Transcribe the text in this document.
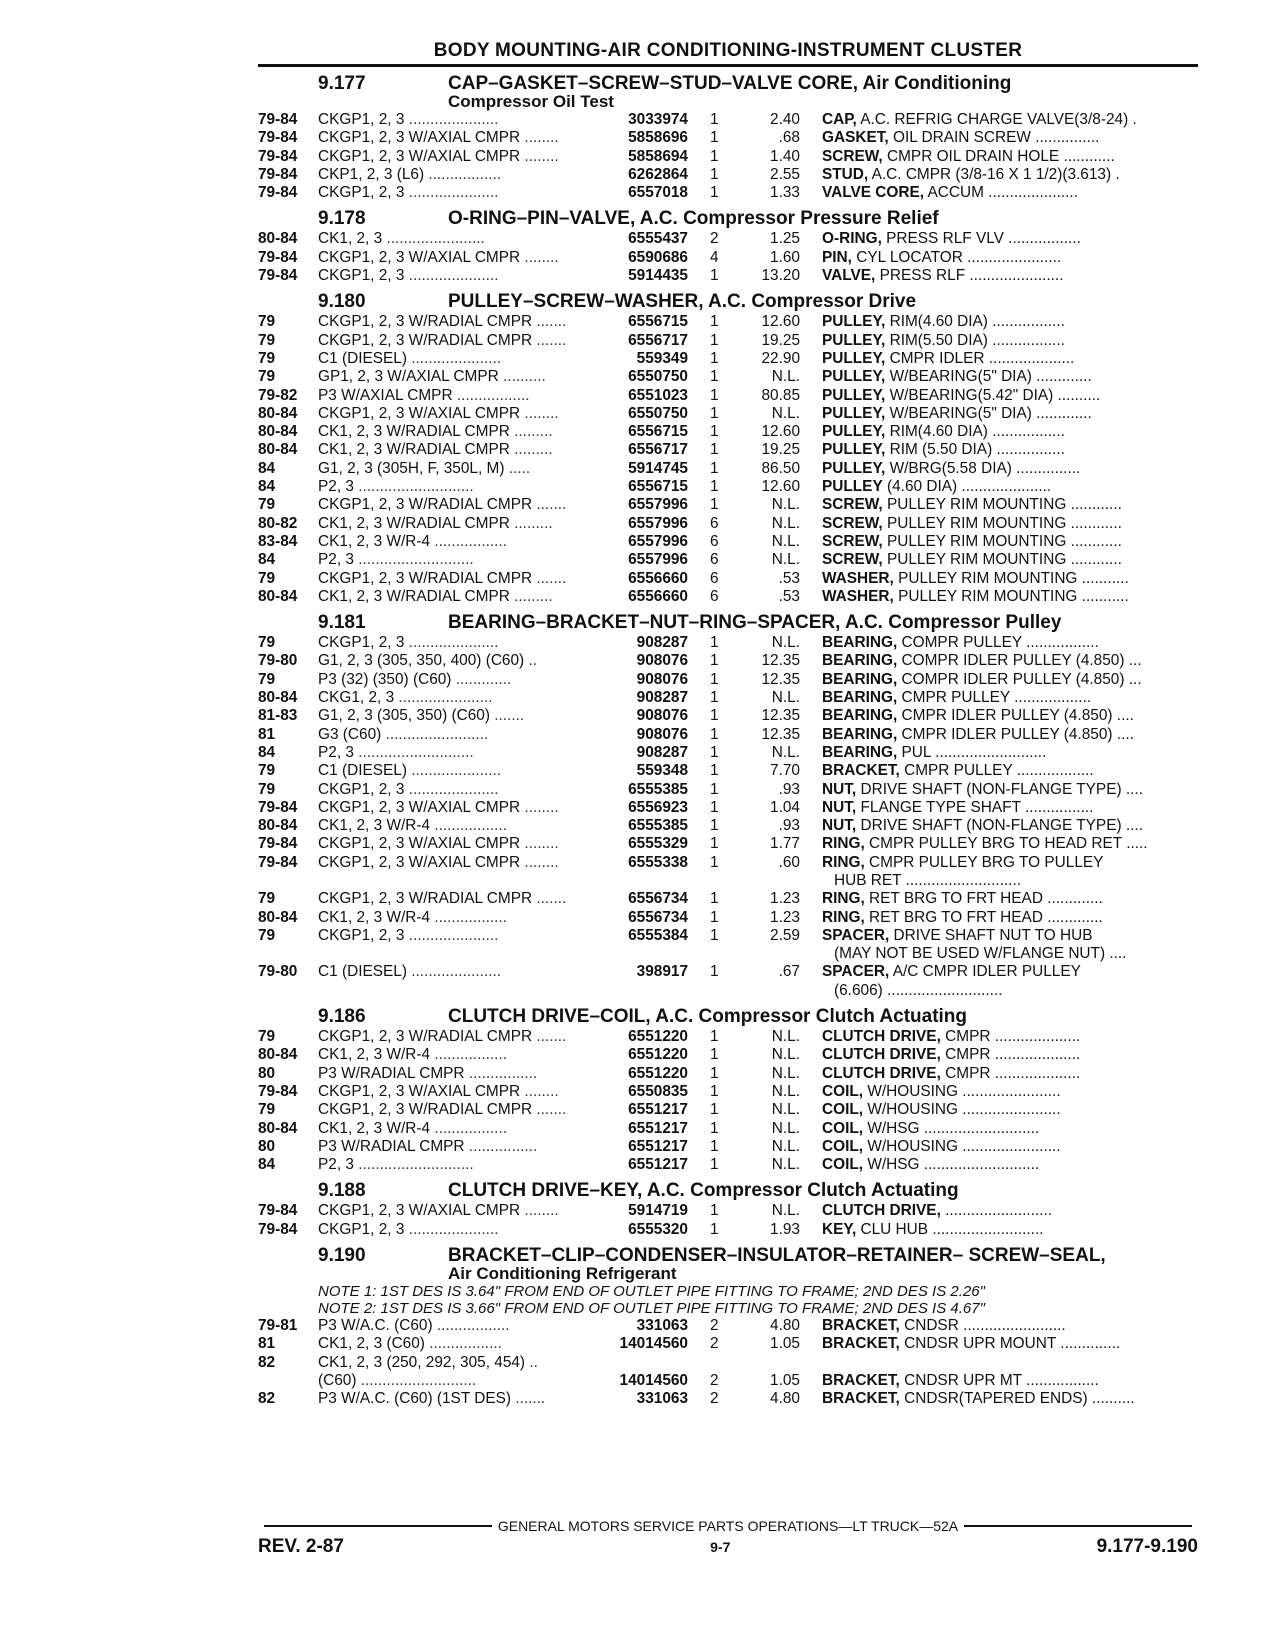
BODY MOUNTING-AIR CONDITIONING-INSTRUMENT CLUSTER
9.177	CAP–GASKET–SCREW–STUD–VALVE CORE, Air Conditioning
Compressor Oil Test
79-84	CKGP1, 2, 3 .....................	3033974	1	2.40	CAP, A.C. REFRIG CHARGE VALVE(3/8-24) .
79-84	CKGP1, 2, 3 W/AXIAL CMPR ........	5858696	1	.68	GASKET, OIL DRAIN SCREW ...............
79-84	CKGP1, 2, 3 W/AXIAL CMPR ........	5858694	1	1.40	SCREW, CMPR OIL DRAIN HOLE ............
79-84	CKP1, 2, 3 (L6) .................	6262864	1	2.55	STUD, A.C. CMPR (3/8-16 X 1 1/2)(3.613) .
79-84	CKGP1, 2, 3 .....................	6557018	1	1.33	VALVE CORE, ACCUM .....................
9.178	O-RING–PIN–VALVE, A.C. Compressor Pressure Relief
80-84	CK1, 2, 3 .......................	6555437	2	1.25	O-RING, PRESS RLF VLV .................
79-84	CKGP1, 2, 3 W/AXIAL CMPR ........	6590686	4	1.60	PIN, CYL LOCATOR ......................
79-84	CKGP1, 2, 3 .....................	5914435	1	13.20	VALVE, PRESS RLF ......................
9.180	PULLEY–SCREW–WASHER, A.C. Compressor Drive
79	CKGP1, 2, 3 W/RADIAL CMPR .......	6556715	1	12.60	PULLEY, RIM(4.60 DIA) .................
79	CKGP1, 2, 3 W/RADIAL CMPR .......	6556717	1	19.25	PULLEY, RIM(5.50 DIA) .................
79	C1 (DIESEL) .....................	559349	1	22.90	PULLEY, CMPR IDLER ....................
79	GP1, 2, 3 W/AXIAL CMPR ..........	6550750	1	N.L.	PULLEY, W/BEARING(5" DIA) .............
79-82	P3 W/AXIAL CMPR .................	6551023	1	80.85	PULLEY, W/BEARING(5.42" DIA) ..........
80-84	CKGP1, 2, 3 W/AXIAL CMPR ........	6550750	1	N.L.	PULLEY, W/BEARING(5" DIA) .............
80-84	CK1, 2, 3 W/RADIAL CMPR .........	6556715	1	12.60	PULLEY, RIM(4.60 DIA) .................
80-84	CK1, 2, 3 W/RADIAL CMPR .........	6556717	1	19.25	PULLEY, RIM (5.50 DIA) ................
84	G1, 2, 3 (305H, F, 350L, M) .....	5914745	1	86.50	PULLEY, W/BRG(5.58 DIA) ...............
84	P2, 3 ...........................	6556715	1	12.60	PULLEY (4.60 DIA) .....................
79	CKGP1, 2, 3 W/RADIAL CMPR .......	6557996	1	N.L.	SCREW, PULLEY RIM MOUNTING ............
80-82	CK1, 2, 3 W/RADIAL CMPR .........	6557996	6	N.L.	SCREW, PULLEY RIM MOUNTING ............
83-84	CK1, 2, 3 W/R-4 .................	6557996	6	N.L.	SCREW, PULLEY RIM MOUNTING ............
84	P2, 3 ...........................	6557996	6	N.L.	SCREW, PULLEY RIM MOUNTING ............
79	CKGP1, 2, 3 W/RADIAL CMPR .......	6556660	6	.53	WASHER, PULLEY RIM MOUNTING ...........
80-84	CK1, 2, 3 W/RADIAL CMPR .........	6556660	6	.53	WASHER, PULLEY RIM MOUNTING ...........
9.181	BEARING–BRACKET–NUT–RING–SPACER, A.C. Compressor Pulley
79	CKGP1, 2, 3 .....................	908287	1	N.L.	BEARING, COMPR PULLEY .................
79-80	G1, 2, 3 (305, 350, 400) (C60) ..	908076	1	12.35	BEARING, COMPR IDLER PULLEY (4.850) ...
79	P3 (32) (350) (C60) .............	908076	1	12.35	BEARING, COMPR IDLER PULLEY (4.850) ...
80-84	CKG1, 2, 3 ......................	908287	1	N.L.	BEARING, CMPR PULLEY ..................
81-83	G1, 2, 3 (305, 350) (C60) .......	908076	1	12.35	BEARING, CMPR IDLER PULLEY (4.850) ....
81	G3 (C60) ........................	908076	1	12.35	BEARING, CMPR IDLER PULLEY (4.850) ....
84	P2, 3 ...........................	908287	1	N.L.	BEARING, PUL ..........................
79	C1 (DIESEL) .....................	559348	1	7.70	BRACKET, CMPR PULLEY ..................
79	CKGP1, 2, 3 .....................	6555385	1	.93	NUT, DRIVE SHAFT (NON-FLANGE TYPE) ....
79-84	CKGP1, 2, 3 W/AXIAL CMPR ........	6556923	1	1.04	NUT, FLANGE TYPE SHAFT ................
80-84	CK1, 2, 3 W/R-4 .................	6555385	1	.93	NUT, DRIVE SHAFT (NON-FLANGE TYPE) ....
79-84	CKGP1, 2, 3 W/AXIAL CMPR ........	6555329	1	1.77	RING, CMPR PULLEY BRG TO HEAD RET .....
79-84	CKGP1, 2, 3 W/AXIAL CMPR ........	6555338	1	.60	RING, CMPR PULLEY BRG TO PULLEY
HUB RET ...........................
79	CKGP1, 2, 3 W/RADIAL CMPR .......	6556734	1	1.23	RING, RET BRG TO FRT HEAD .............
80-84	CK1, 2, 3 W/R-4 .................	6556734	1	1.23	RING, RET BRG TO FRT HEAD .............
79	CKGP1, 2, 3 .....................	6555384	1	2.59	SPACER, DRIVE SHAFT NUT TO HUB
(MAY NOT BE USED W/FLANGE NUT) ....
79-80	C1 (DIESEL) .....................	398917	1	.67	SPACER, A/C CMPR IDLER PULLEY
(6.606) ...........................
9.186	CLUTCH DRIVE–COIL, A.C. Compressor Clutch Actuating
79	CKGP1, 2, 3 W/RADIAL CMPR .......	6551220	1	N.L.	CLUTCH DRIVE, CMPR ....................
80-84	CK1, 2, 3 W/R-4 .................	6551220	1	N.L.	CLUTCH DRIVE, CMPR ....................
80	P3 W/RADIAL CMPR ................	6551220	1	N.L.	CLUTCH DRIVE, CMPR ....................
79-84	CKGP1, 2, 3 W/AXIAL CMPR ........	6550835	1	N.L.	COIL, W/HOUSING .......................
79	CKGP1, 2, 3 W/RADIAL CMPR .......	6551217	1	N.L.	COIL, W/HOUSING .......................
80-84	CK1, 2, 3 W/R-4 .................	6551217	1	N.L.	COIL, W/HSG ...........................
80	P3 W/RADIAL CMPR ................	6551217	1	N.L.	COIL, W/HOUSING .......................
84	P2, 3 ...........................	6551217	1	N.L.	COIL, W/HSG ...........................
9.188	CLUTCH DRIVE–KEY, A.C. Compressor Clutch Actuating
79-84	CKGP1, 2, 3 W/AXIAL CMPR ........	5914719	1	N.L.	CLUTCH DRIVE, .........................
79-84	CKGP1, 2, 3 .....................	6555320	1	1.93	KEY, CLU HUB ..........................
9.190	BRACKET–CLIP–CONDENSER–INSULATOR–RETAINER– SCREW–SEAL,
Air Conditioning Refrigerant
NOTE 1: 1ST DES IS 3.64" FROM END OF OUTLET PIPE FITTING TO FRAME; 2ND DES IS 2.26"
NOTE 2: 1ST DES IS 3.66" FROM END OF OUTLET PIPE FITTING TO FRAME; 2ND DES IS 4.67"
79-81	P3 W/A.C. (C60) .................	331063	2	4.80	BRACKET, CNDSR ........................
81	CK1, 2, 3 (C60) .................	14014560	2	1.05	BRACKET, CNDSR UPR MOUNT ..............
82	CK1, 2, 3 (250, 292, 305, 454) ..
(C60) ...........................	14014560	2	1.05	BRACKET, CNDSR UPR MT .................
82	P3 W/A.C. (C60) (1ST DES) .......	331063	2	4.80	BRACKET, CNDSR(TAPERED ENDS) ..........
GENERAL MOTORS SERVICE PARTS OPERATIONS—LT TRUCK—52A
REV. 2-87	9-7	9.177-9.190
